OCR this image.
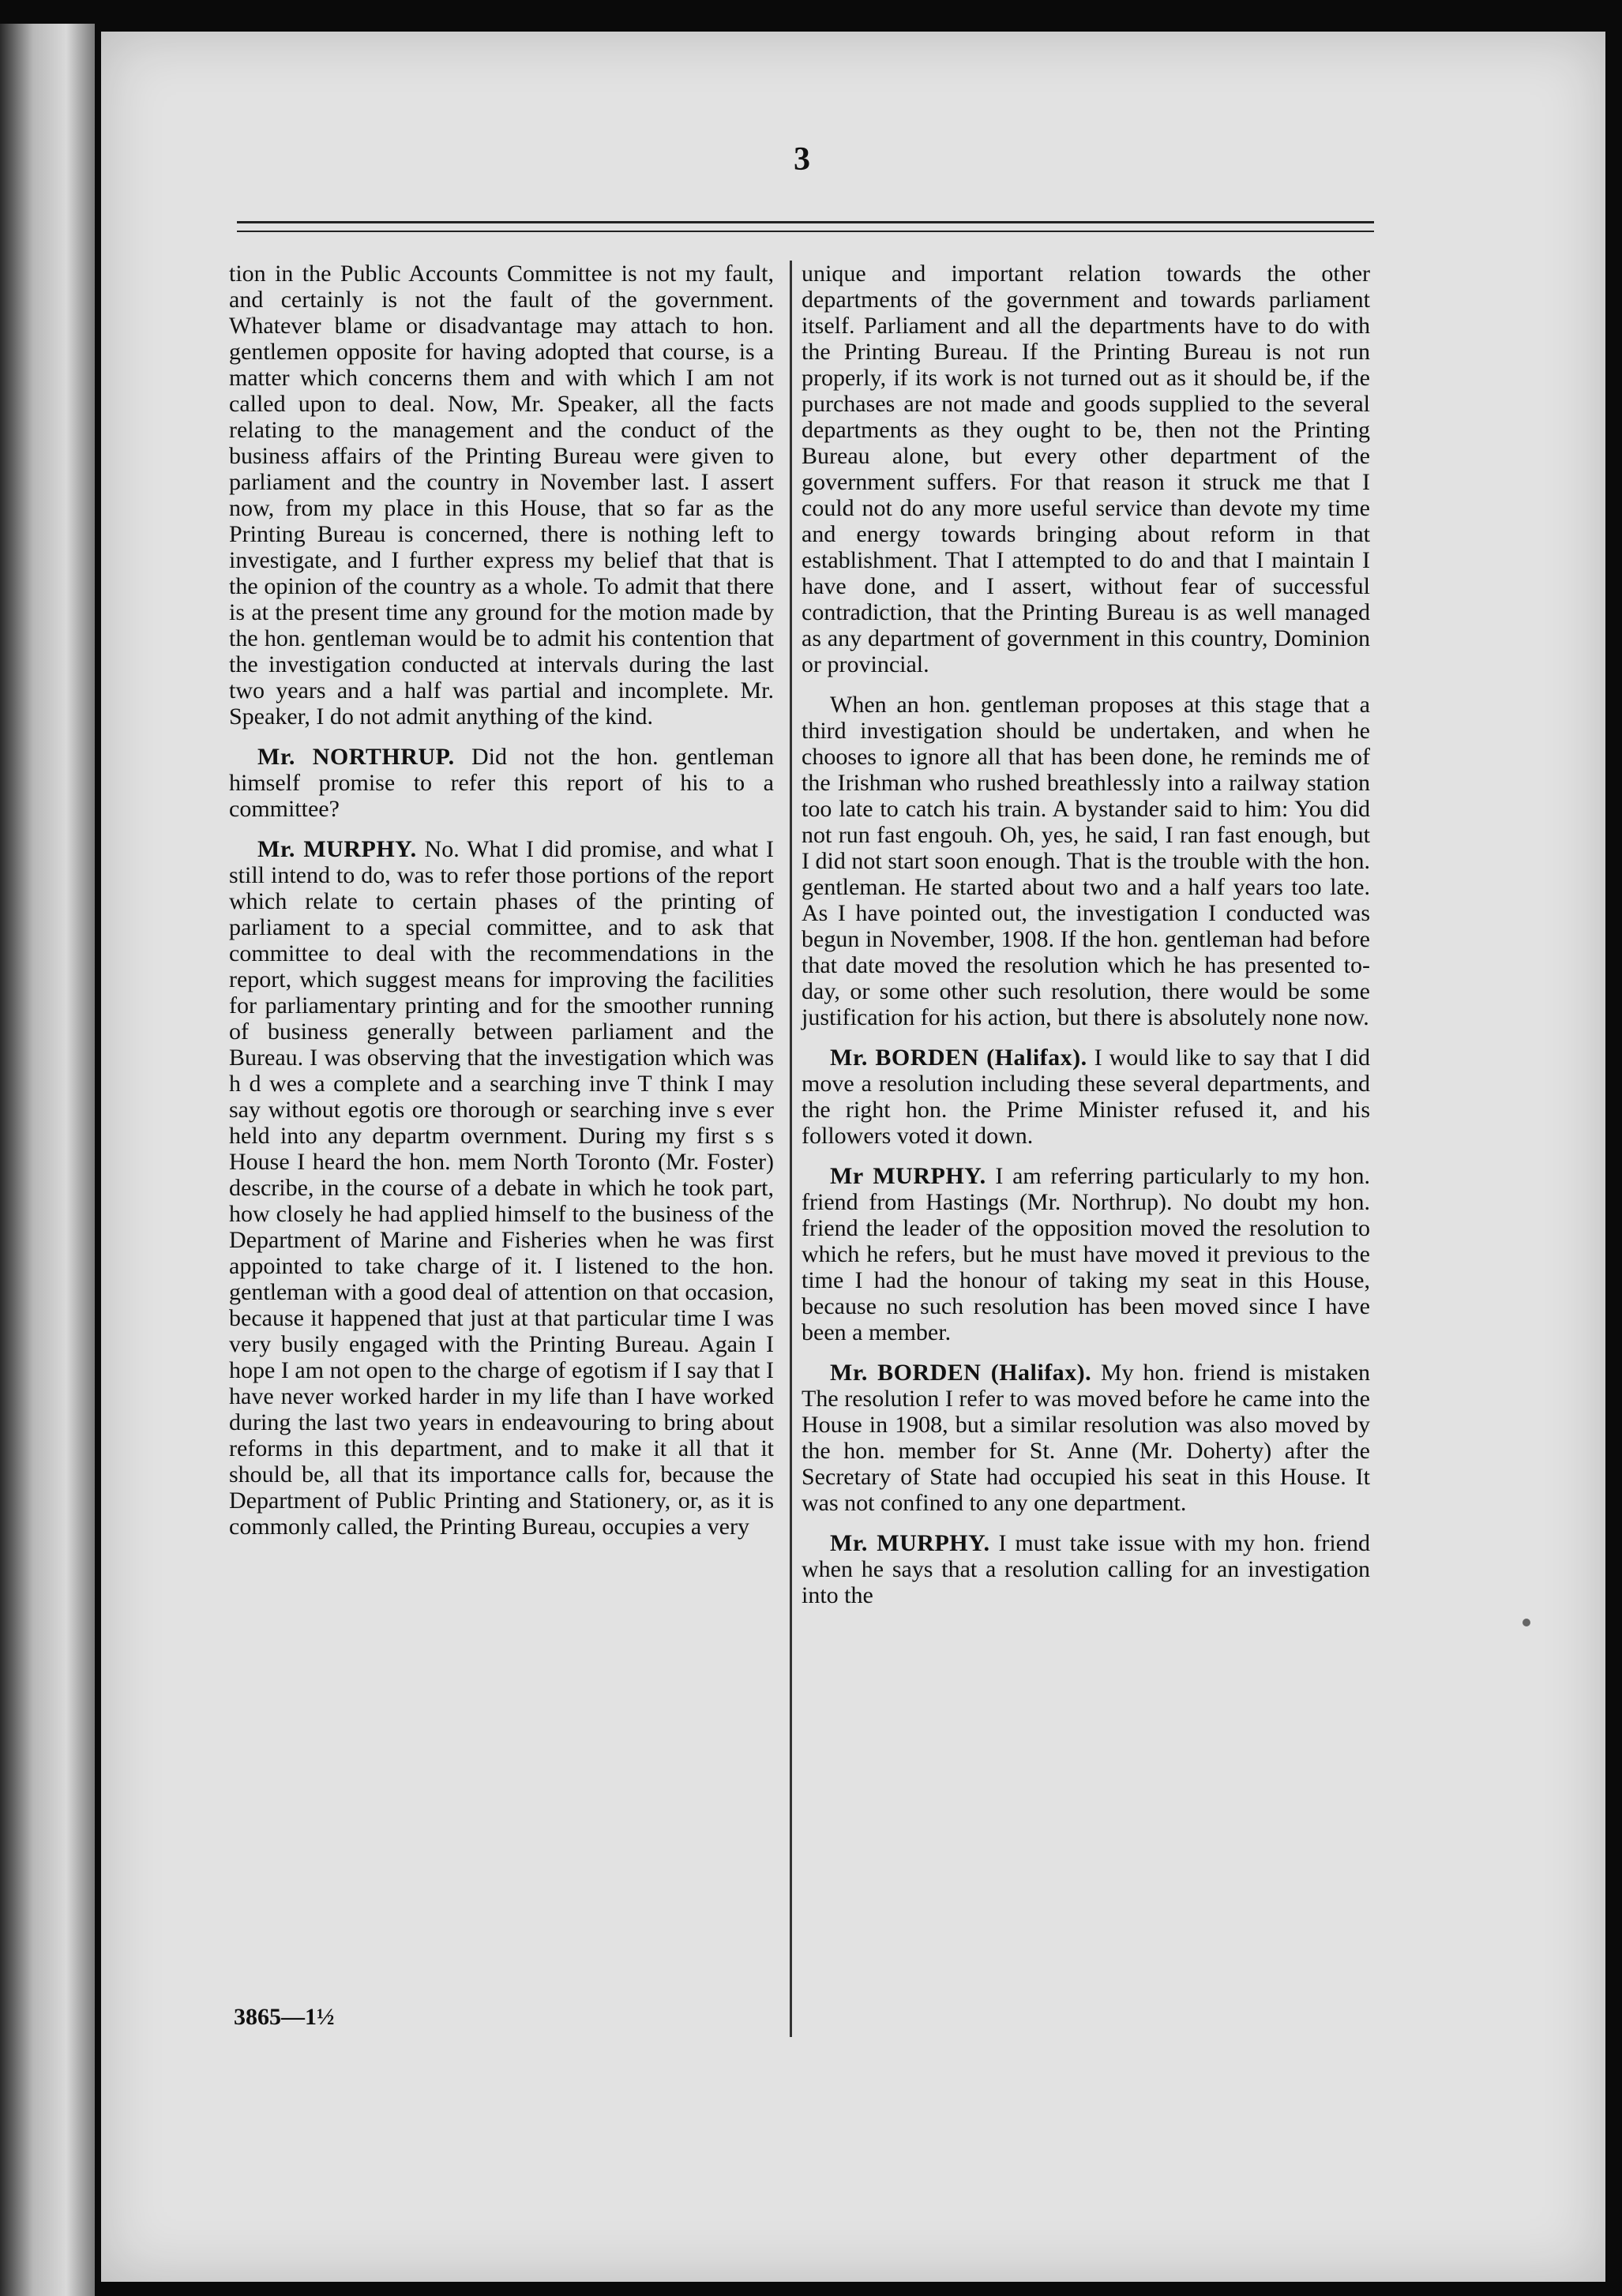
3

tion in the Public Accounts Committee is not my fault, and certainly is not the fault of the government. Whatever blame or disadvantage may attach to hon. gentlemen opposite for having adopted that course, is a matter which concerns them and with which I am not called upon to deal. Now, Mr. Speaker, all the facts relating to the management and the conduct of the business affairs of the Printing Bureau were given to parliament and the country in November last. I assert now, from my place in this House, that so far as the Printing Bureau is concerned, there is nothing left to investigate, and I further express my belief that that is the opinion of the country as a whole. To admit that there is at the present time any ground for the motion made by the hon. gentleman would be to admit his contention that the investigation conducted at intervals during the last two years and a half was partial and incomplete. Mr. Speaker, I do not admit anything of the kind.

Mr. NORTHRUP. Did not the hon. gentleman himself promise to refer this report of his to a committee?

Mr. MURPHY. No. What I did promise, and what I still intend to do, was to refer those portions of the report which relate to certain phases of the printing of parliament to a special committee, and to ask that committee to deal with the recommendations in the report, which suggest means for improving the facilities for parliamentary printing and for the smoother running of business generally between parliament and the Bureau. I was observing that the investigation which was h d wes a complete and a searching inve T think I may say without egotis ore thorough or searching inve s ever held into any departm overnment. During my first s s House I heard the hon. mem North Toronto (Mr. Foster) describe, in the course of a debate in which he took part, how closely he had applied himself to the business of the Department of Marine and Fisheries when he was first appointed to take charge of it. I listened to the hon. gentleman with a good deal of attention on that occasion, because it happened that just at that particular time I was very busily engaged with the Printing Bureau. Again I hope I am not open to the charge of egotism if I say that I have never worked harder in my life than I have worked during the last two years in endeavouring to bring about reforms in this department, and to make it all that it should be, all that its importance calls for, because the Department of Public Printing and Stationery, or, as it is commonly called, the Printing Bureau, occupies a very

unique and important relation towards the other departments of the government and towards parliament itself. Parliament and all the departments have to do with the Printing Bureau. If the Printing Bureau is not run properly, if its work is not turned out as it should be, if the purchases are not made and goods supplied to the several departments as they ought to be, then not the Printing Bureau alone, but every other department of the government suffers. For that reason it struck me that I could not do any more useful service than devote my time and energy towards bringing about reform in that establishment. That I attempted to do and that I maintain I have done, and I assert, without fear of successful contradiction, that the Printing Bureau is as well managed as any department of government in this country, Dominion or provincial.

When an hon. gentleman proposes at this stage that a third investigation should be undertaken, and when he chooses to ignore all that has been done, he reminds me of the Irishman who rushed breathlessly into a railway station too late to catch his train. A bystander said to him: You did not run fast engouh. Oh, yes, he said, I ran fast enough, but I did not start soon enough. That is the trouble with the hon. gentleman. He started about two and a half years too late. As I have pointed out, the investigation I conducted was begun in November, 1908. If the hon. gentleman had before that date moved the resolution which he has presented to-day, or some other such resolution, there would be some justification for his action, but there is absolutely none now.

Mr. BORDEN (Halifax). I would like to say that I did move a resolution including these several departments, and the right hon. the Prime Minister refused it, and his followers voted it down.

Mr MURPHY. I am referring particularly to my hon. friend from Hastings (Mr. Northrup). No doubt my hon. friend the leader of the opposition moved the resolution to which he refers, but he must have moved it previous to the time I had the honour of taking my seat in this House, because no such resolution has been moved since I have been a member.

Mr. BORDEN (Halifax). My hon. friend is mistaken The resolution I refer to was moved before he came into the House in 1908, but a similar resolution was also moved by the hon. member for St. Anne (Mr. Doherty) after the Secretary of State had occupied his seat in this House. It was not confined to any one department.

Mr. MURPHY. I must take issue with my hon. friend when he says that a resolution calling for an investigation into the

3865—1½
